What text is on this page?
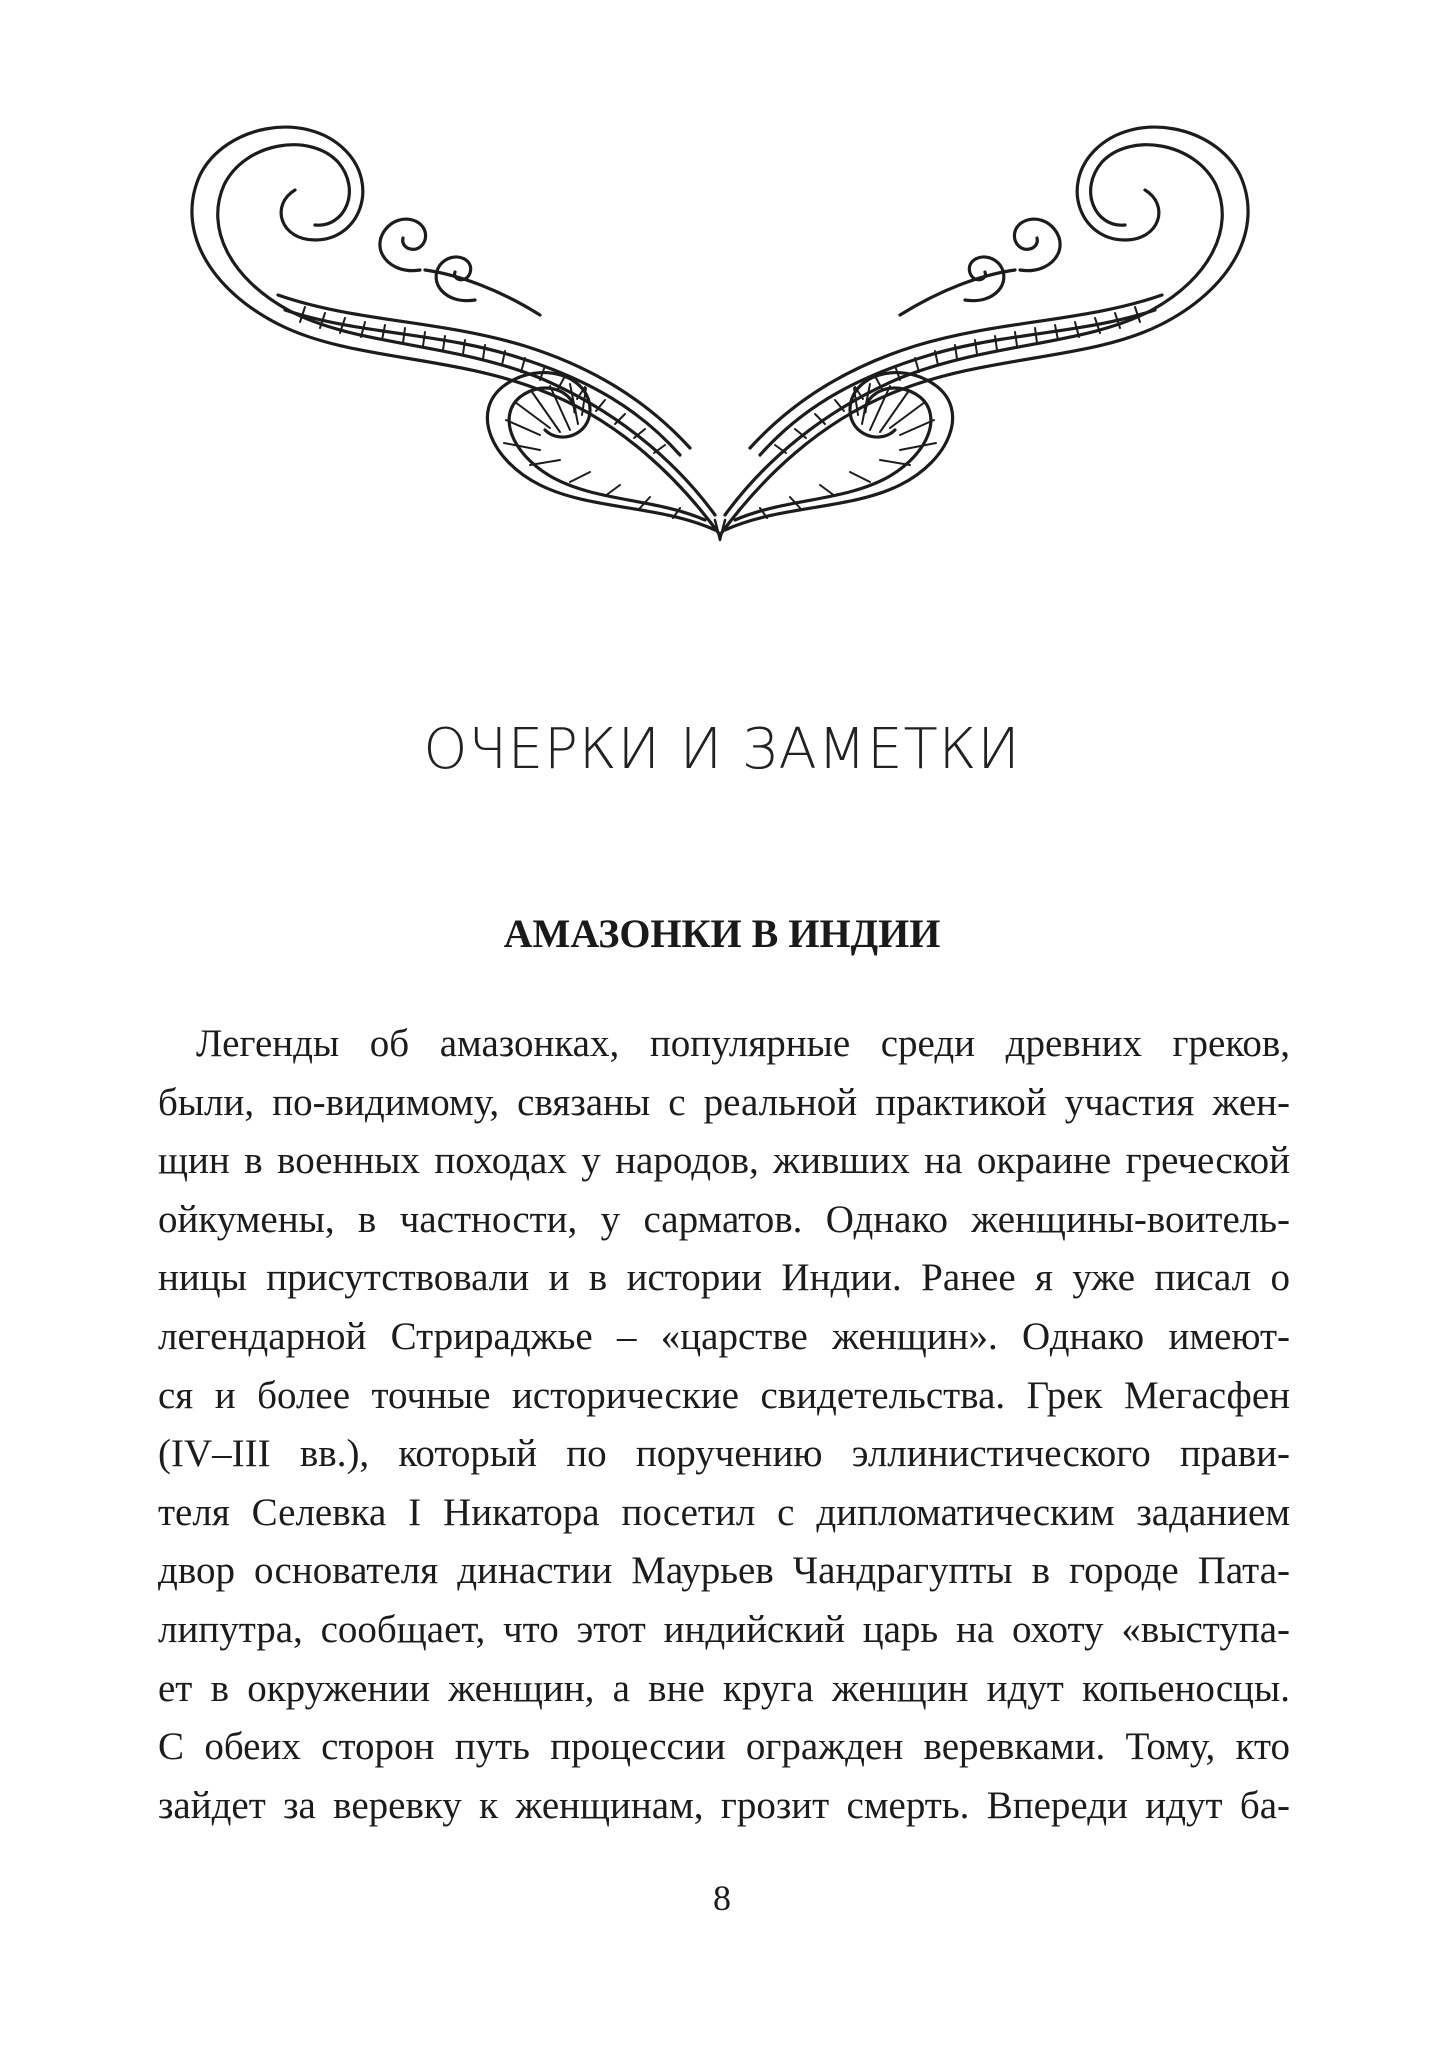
ОЧЕРКИ И ЗАМЕТКИ
АМАЗОНКИ В ИНДИИ
Легенды об амазонках, популярные среди древних греков,
были, по-видимому, связаны с реальной практикой участия жен-
щин в военных походах у народов, живших на окраине греческой
ойкумены, в частности, у сарматов. Однако женщины-воитель-
ницы присутствовали и в истории Индии. Ранее я уже писал о
легендарной Стрираджье – «царстве женщин». Однако имеют-
ся и более точные исторические свидетельства. Грек Мегасфен
(IV–III вв.), который по поручению эллинистического прави-
теля Селевка I Никатора посетил с дипломатическим заданием
двор основателя династии Маурьев Чандрагупты в городе Пата-
липутра, сообщает, что этот индийский царь на охоту «выступа-
ет в окружении женщин, а вне круга женщин идут копьеносцы.
С обеих сторон путь процессии огражден веревками. Тому, кто
зайдет за веревку к женщинам, грозит смерть. Впереди идут ба-

8
